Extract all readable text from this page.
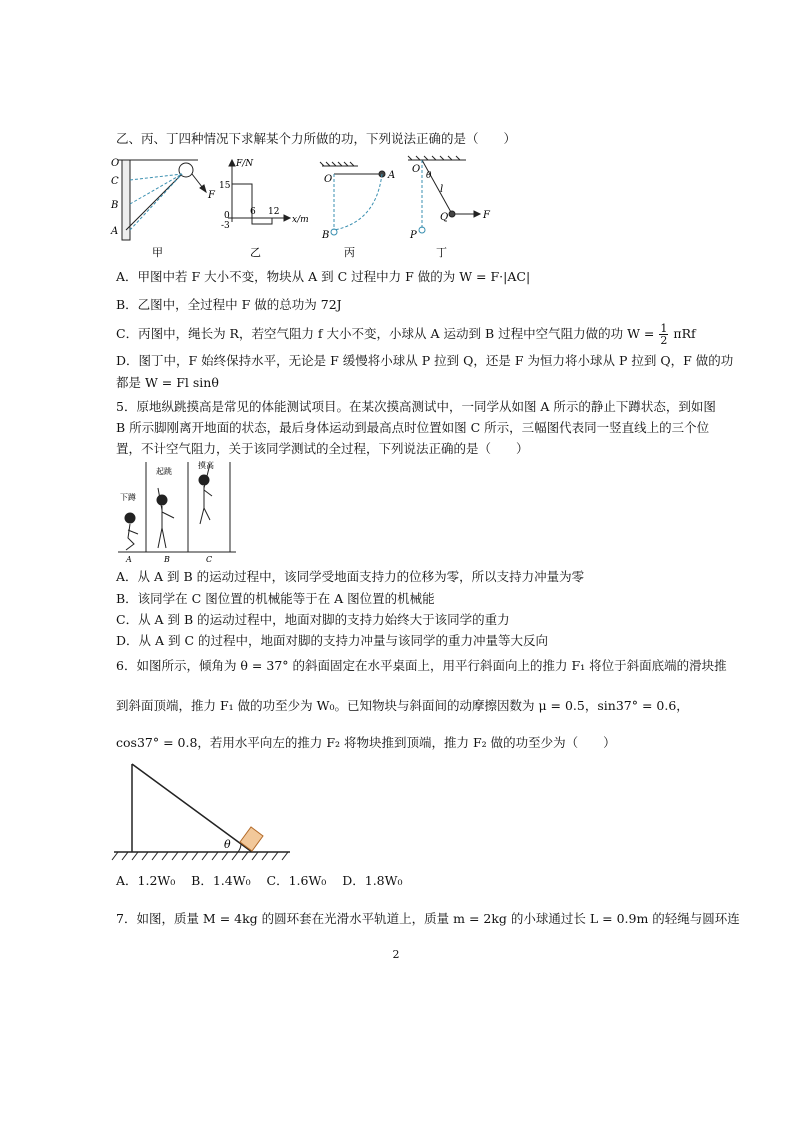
乙、丙、丁四种情况下求解某个力所做的功，下列说法正确的是（　　）
O
C
B
A
F
甲
F/N
x/m
15
0
-3
6 12
乙
O	A
B
丙
O
θ
l
Q
P
F
丁
A．甲图中若 F 大小不变，物块从 A 到 C 过程中力 F 做的为 W = F·|AC|
B．乙图中，全过程中 F 做的总功为 72J
C．丙图中，绳长为 R，若空气阻力 f 大小不变，小球从 A 运动到 B 过程中空气阻力做的功 $W = \frac{1}{2}$ πRf
D．图丁中，F 始终保持水平，无论是 F 缓慢将小球从 P 拉到 Q，还是 F 为恒力将小球从 P 拉到 Q，F 做的功
都是 W = Fl sinθ
5．原地纵跳摸高是常见的体能测试项目。在某次摸高测试中，一同学从如图 A 所示的静止下蹲状态，到如图
B 所示脚刚离开地面的状态，最后身体运动到最高点时位置如图 C 所示，三幅图代表同一竖直线上的三个位
置，不计空气阻力，关于该同学测试的全过程，下列说法正确的是（　　）
下蹲
起跳
摸高
A	B	C
A．从 A 到 B 的运动过程中，该同学受地面支持力的位移为零，所以支持力冲量为零
B．该同学在 C 图位置的机械能等于在 A 图位置的机械能
C．从 A 到 B 的运动过程中，地面对脚的支持力始终大于该同学的重力
D．从 A 到 C 的过程中，地面对脚的支持力冲量与该同学的重力冲量等大反向
6．如图所示，倾角为 θ = 37° 的斜面固定在水平桌面上，用平行斜面向上的推力 F₁ 将位于斜面底端的滑块推
到斜面顶端，推力 F₁ 做的功至少为 W₀。已知物块与斜面间的动摩擦因数为 μ = 0.5，sin37° = 0.6，
cos37° = 0.8，若用水平向左的推力 F₂ 将物块推到顶端，推力 F₂ 做的功至少为（　　）
θ
A．1.2W₀ B．1.4W₀ C．1.6W₀ D．1.8W₀
7．如图，质量 M = 4kg 的圆环套在光滑水平轨道上，质量 m = 2kg 的小球通过长 L = 0.9m 的轻绳与圆环连
2
